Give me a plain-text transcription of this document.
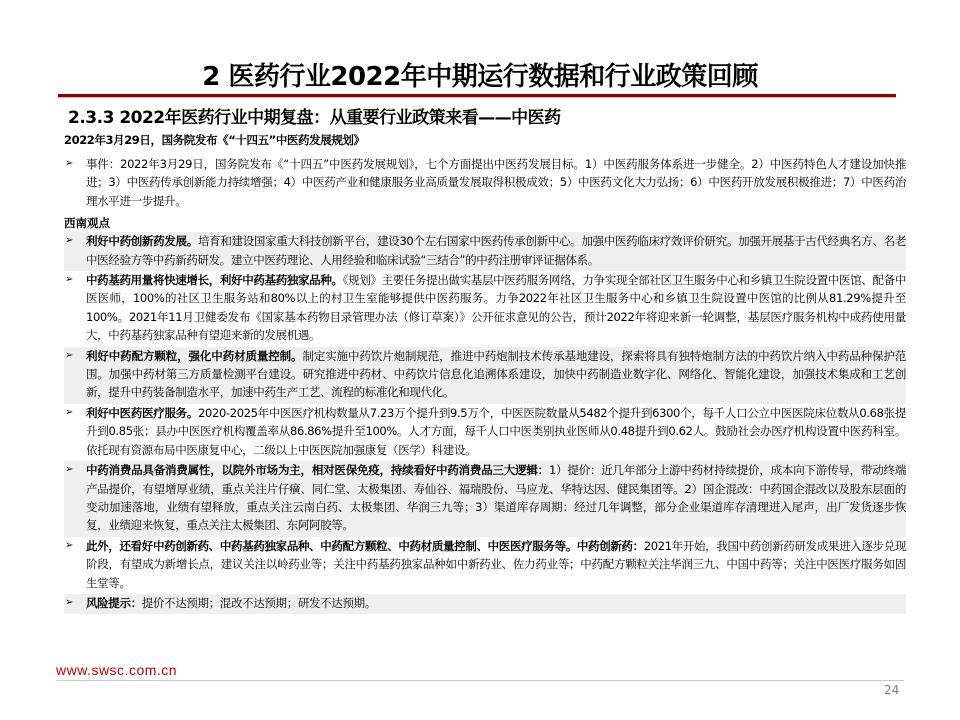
2 医药行业2022年中期运行数据和行业政策回顾
2.3.3 2022年医药行业中期复盘：从重要行业政策来看——中医药
2022年3月29日，国务院发布《“十四五”中医药发展规划》
➢	事件：2022年3月29日，国务院发布《“十四五”中医药发展规划》，七个方面提出中医药发展目标。1）中医药服务体系进一步健全。2）中医药特色人才建设加快推进；3）中医药传承创新能力持续增强；4）中医药产业和健康服务业高质量发展取得积极成效；5）中医药文化大力弘扬；6）中医药开放发展积极推进；7）中医药治理水平进一步提升。
西南观点
➢	利好中药创新药发展。培育和建设国家重大科技创新平台，建设30个左右国家中医药传承创新中心。加强中医药临床疗效评价研究。加强开展基于古代经典名方、名老中医经验方等中药新药研发。建立中医药理论、人用经验和临床试验“三结合”的中药注册审评证据体系。
➢	中药基药用量将快速增长，利好中药基药独家品种。《规划》主要任务提出做实基层中医药服务网络，力争实现全部社区卫生服务中心和乡镇卫生院设置中医馆、配备中医医师，100%的社区卫生服务站和80%以上的村卫生室能够提供中医药服务。力争2022年社区卫生服务中心和乡镇卫生院设置中医馆的比例从81.29%提升至100%。2021年11月卫健委发布《国家基本药物目录管理办法（修订草案）》公开征求意见的公告，预计2022年将迎来新一轮调整，基层医疗服务机构中成药使用量大，中药基药独家品种有望迎来新的发展机遇。
➢	利好中药配方颗粒，强化中药材质量控制。制定实施中药饮片炮制规范，推进中药炮制技术传承基地建设，探索将具有独特炮制方法的中药饮片纳入中药品种保护范围。加强中药材第三方质量检测平台建设。研究推进中药材、中药饮片信息化追溯体系建设，加快中药制造业数字化、网络化、智能化建设，加强技术集成和工艺创新，提升中药装备制造水平，加速中药生产工艺、流程的标准化和现代化。
➢	利好中医药医疗服务。2020-2025年中医医疗机构数量从7.23万个提升到9.5万个，中医医院数量从5482个提升到6300个，每千人口公立中医医院床位数从0.68张提升到0.85张；县办中医医疗机构覆盖率从86.86%提升至100%。人才方面，每千人口中医类别执业医师从0.48提升到0.62人。鼓励社会办医疗机构设置中医药科室。依托现有资源布局中医康复中心，二级以上中医医院加强康复（医学）科建设。
➢	中药消费品具备消费属性，以院外市场为主，相对医保免疫，持续看好中药消费品三大逻辑：1）提价：近几年部分上游中药材持续提价，成本向下游传导，带动终端产品提价，有望增厚业绩，重点关注片仔癀、同仁堂、太极集团、寿仙谷、福瑞股份、马应龙、华特达因、健民集团等。2）国企混改：中药国企混改以及股东层面的变动加速落地，业绩有望释放，重点关注云南白药、太极集团、华润三九等；3）渠道库存周期：经过几年调整，部分企业渠道库存清理进入尾声，出厂发货逐步恢复，业绩迎来恢复，重点关注太极集团、东阿阿胶等。
➢	此外，还看好中药创新药、中药基药独家品种、中药配方颗粒、中药材质量控制、中医医疗服务等。中药创新药：2021年开始，我国中药创新药研发成果进入逐步兑现阶段，有望成为新增长点，建议关注以岭药业等；关注中药基药独家品种如中新药业、佐力药业等；中药配方颗粒关注华润三九、中国中药等；关注中医医疗服务如固生堂等。
➢	风险提示：提价不达预期；混改不达预期；研发不达预期。
www.swsc.com.cn
24
